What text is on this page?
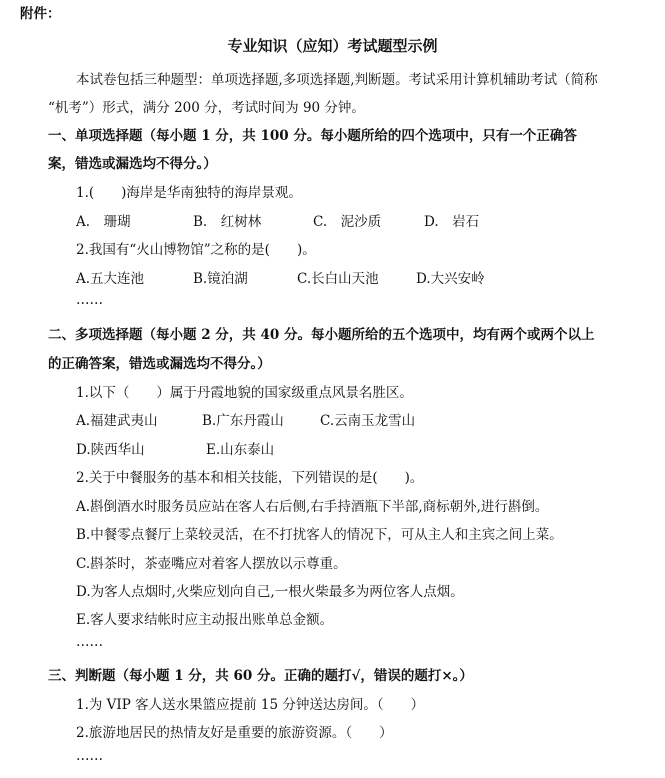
附件：
专业知识（应知）考试题型示例
本试卷包括三种题型：单项选择题,多项选择题,判断题。考试采用计算机辅助考试（简称
“机考”）形式，满分 200 分，考试时间为 90 分钟。
一、单项选择题（每小题 1 分，共 100 分。每小题所给的四个选项中，只有一个正确答
案，错选或漏选均不得分。）
1.(　　)海岸是华南独特的海岸景观。
A.　珊瑚	B.　红树林	C.　泥沙质	D.　岩石
2.我国有“火山博物馆”之称的是(　　)。
A.五大连池	B.镜泊湖	C.长白山天池	D.大兴安岭
……
二、多项选择题（每小题 2 分，共 40 分。每小题所给的五个选项中，均有两个或两个以上
的正确答案，错选或漏选均不得分。）
1.以下（　　）属于丹霞地貌的国家级重点风景名胜区。
A.福建武夷山	B.广东丹霞山	C.云南玉龙雪山
D.陕西华山	E.山东泰山
2.关于中餐服务的基本和相关技能，下列错误的是(　　)。
A.斟倒酒水时服务员应站在客人右后侧,右手持酒瓶下半部,商标朝外,进行斟倒。
B.中餐零点餐厅上菜较灵活，在不打扰客人的情况下，可从主人和主宾之间上菜。
C.斟茶时，茶壶嘴应对着客人摆放以示尊重。
D.为客人点烟时,火柴应划向自己,一根火柴最多为两位客人点烟。
E.客人要求结帐时应主动报出账单总金额。
……
三、判断题（每小题 1 分，共 60 分。正确的题打√，错误的题打×。）
1.为 VIP 客人送水果篮应提前 15 分钟送达房间。（　　）
2.旅游地居民的热情友好是重要的旅游资源。（　　）
……
